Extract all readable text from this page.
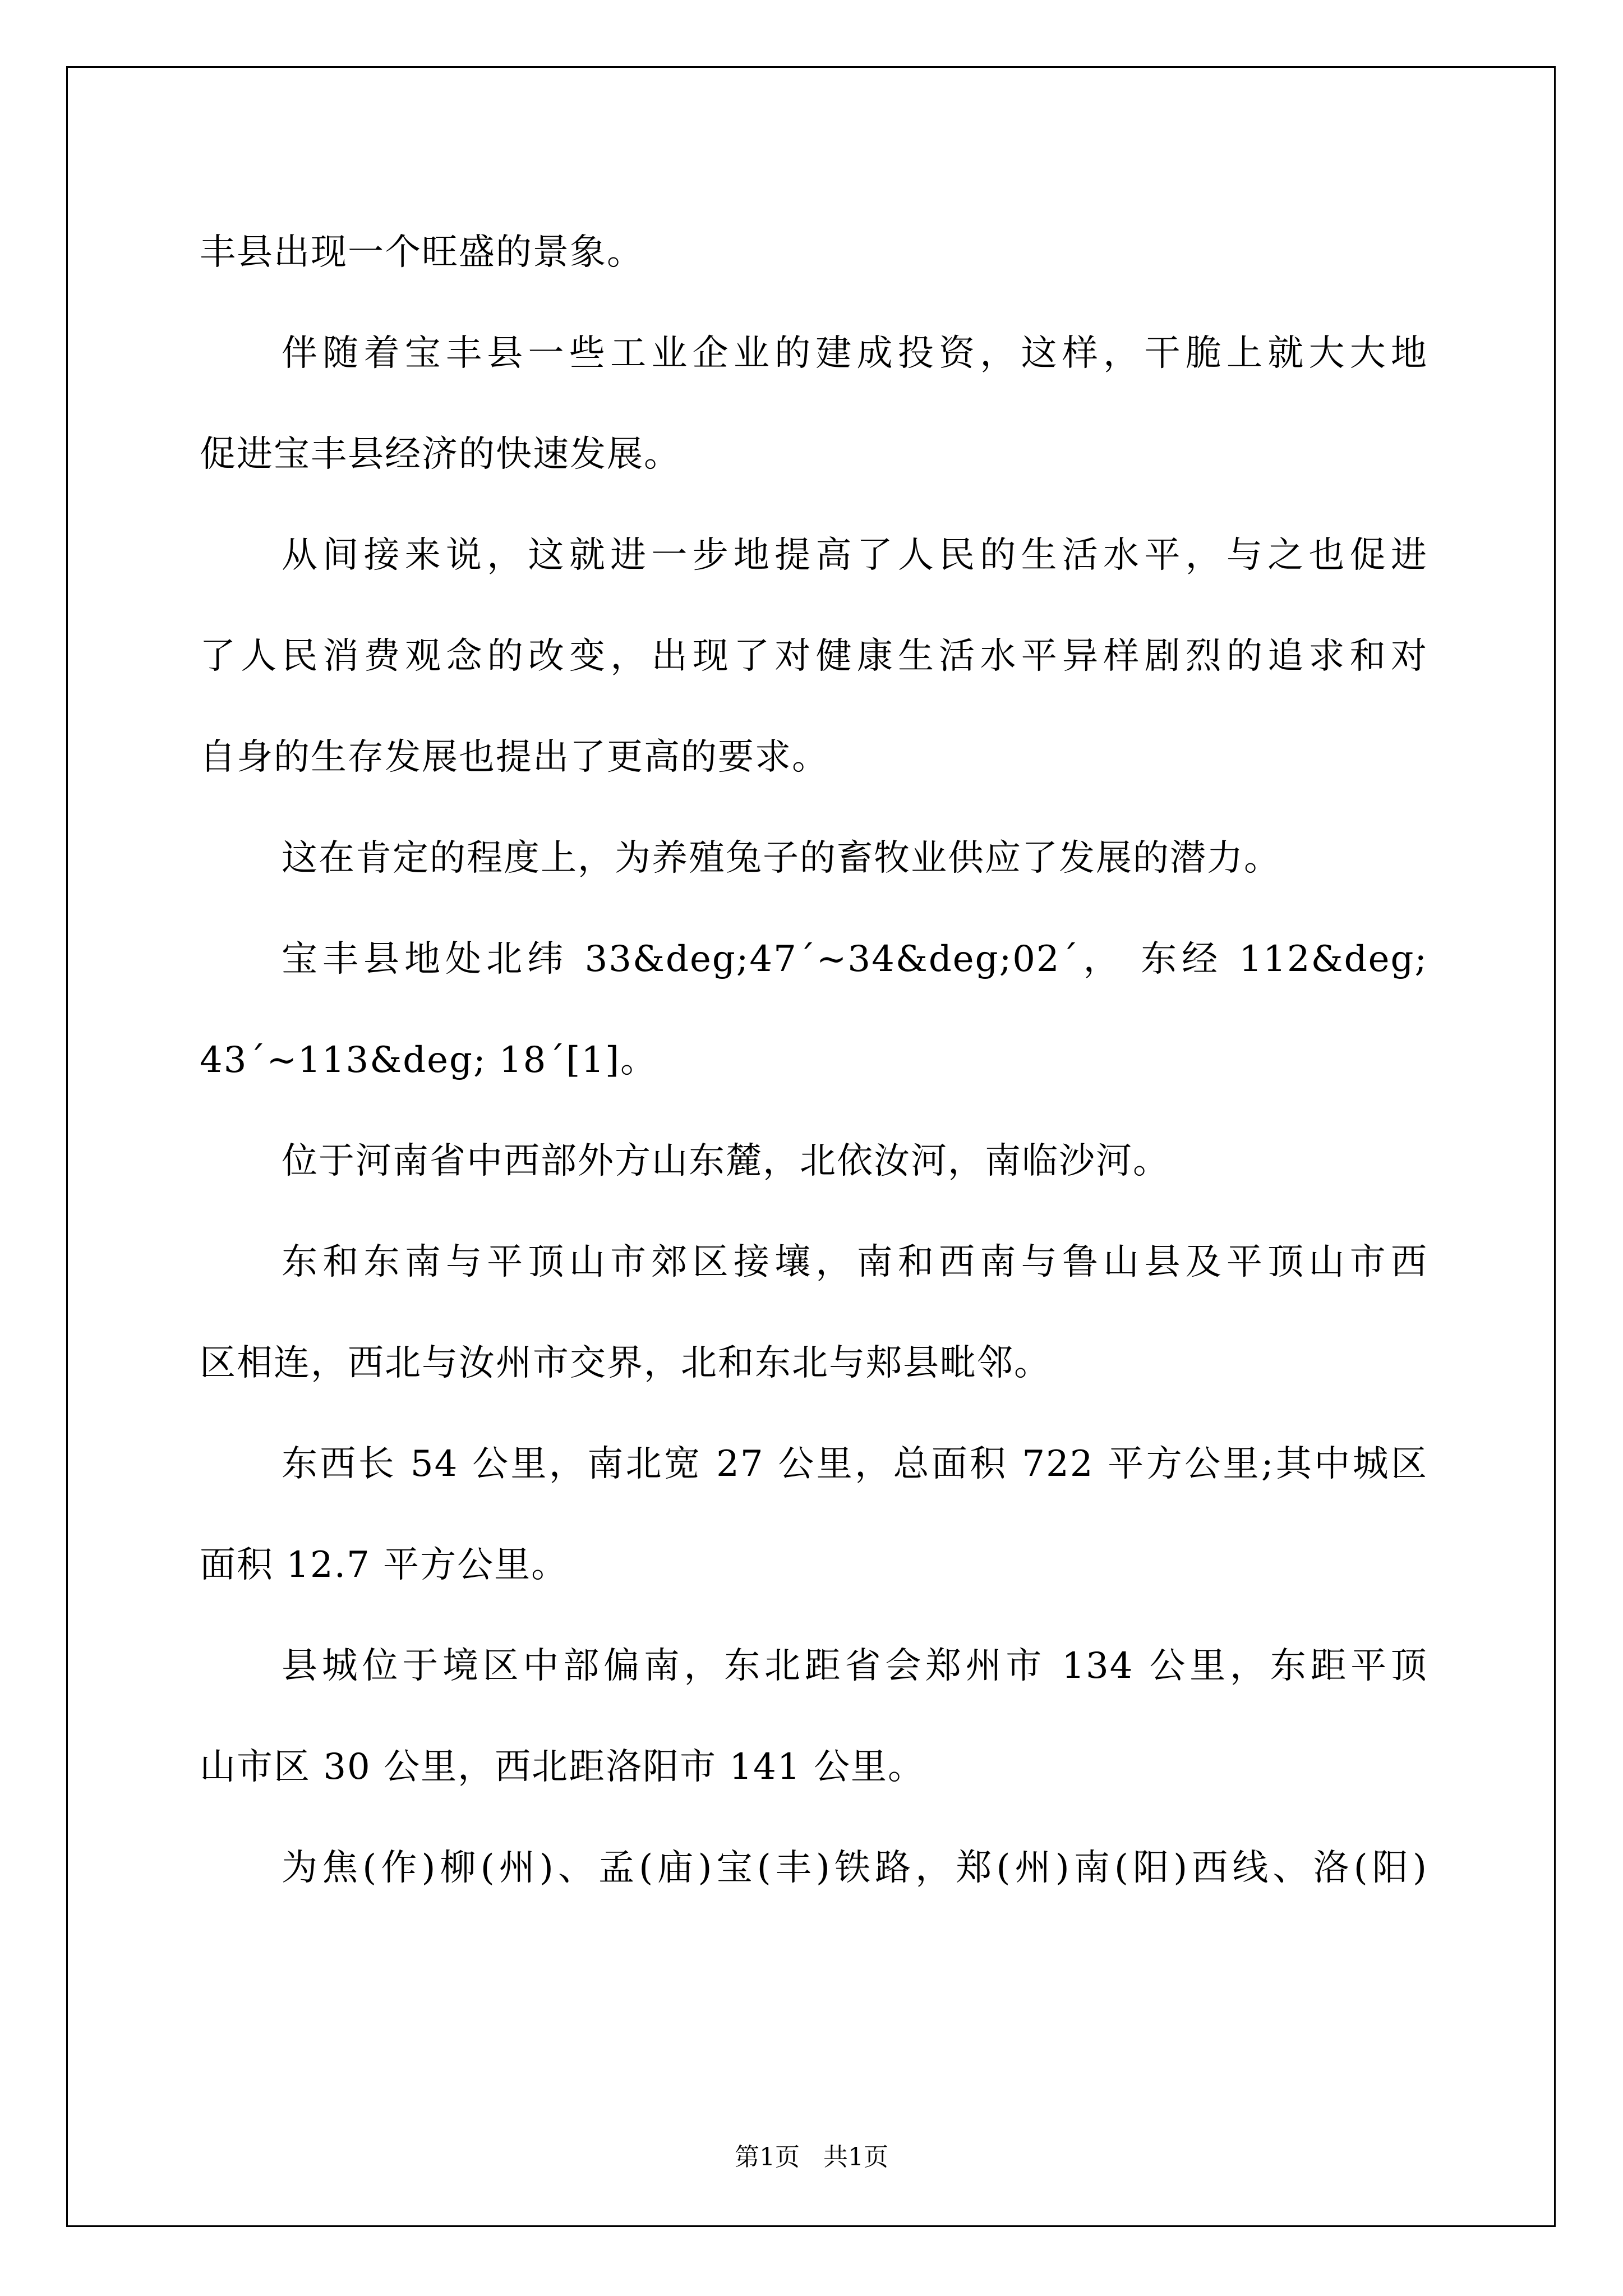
丰县出现一个旺盛的景象。
伴随着宝丰县一些工业企业的建成投资，这样，干脆上就大大地
促进宝丰县经济的快速发展。
从间接来说，这就进一步地提高了人民的生活水平，与之也促进
了人民消费观念的改变，出现了对健康生活水平异样剧烈的追求和对
自身的生存发展也提出了更高的要求。
这在肯定的程度上，为养殖兔子的畜牧业供应了发展的潜力。
宝丰县地处北纬 33&deg;47´~34&deg;02´， 东经 112&deg;
43´~113&deg; 18´[1]。
位于河南省中西部外方山东麓，北依汝河，南临沙河。
东和东南与平顶山市郊区接壤，南和西南与鲁山县及平顶山市西
区相连，西北与汝州市交界，北和东北与郏县毗邻。
东西长 54 公里，南北宽 27 公里，总面积 722 平方公里;其中城区
面积 12.7 平方公里。
县城位于境区中部偏南，东北距省会郑州市 134 公里，东距平顶
山市区 30 公里，西北距洛阳市 141 公里。
为焦(作)柳(州)、孟(庙)宝(丰)铁路，郑(州)南(阳)西线、洛(阳)
第1页   共1页
